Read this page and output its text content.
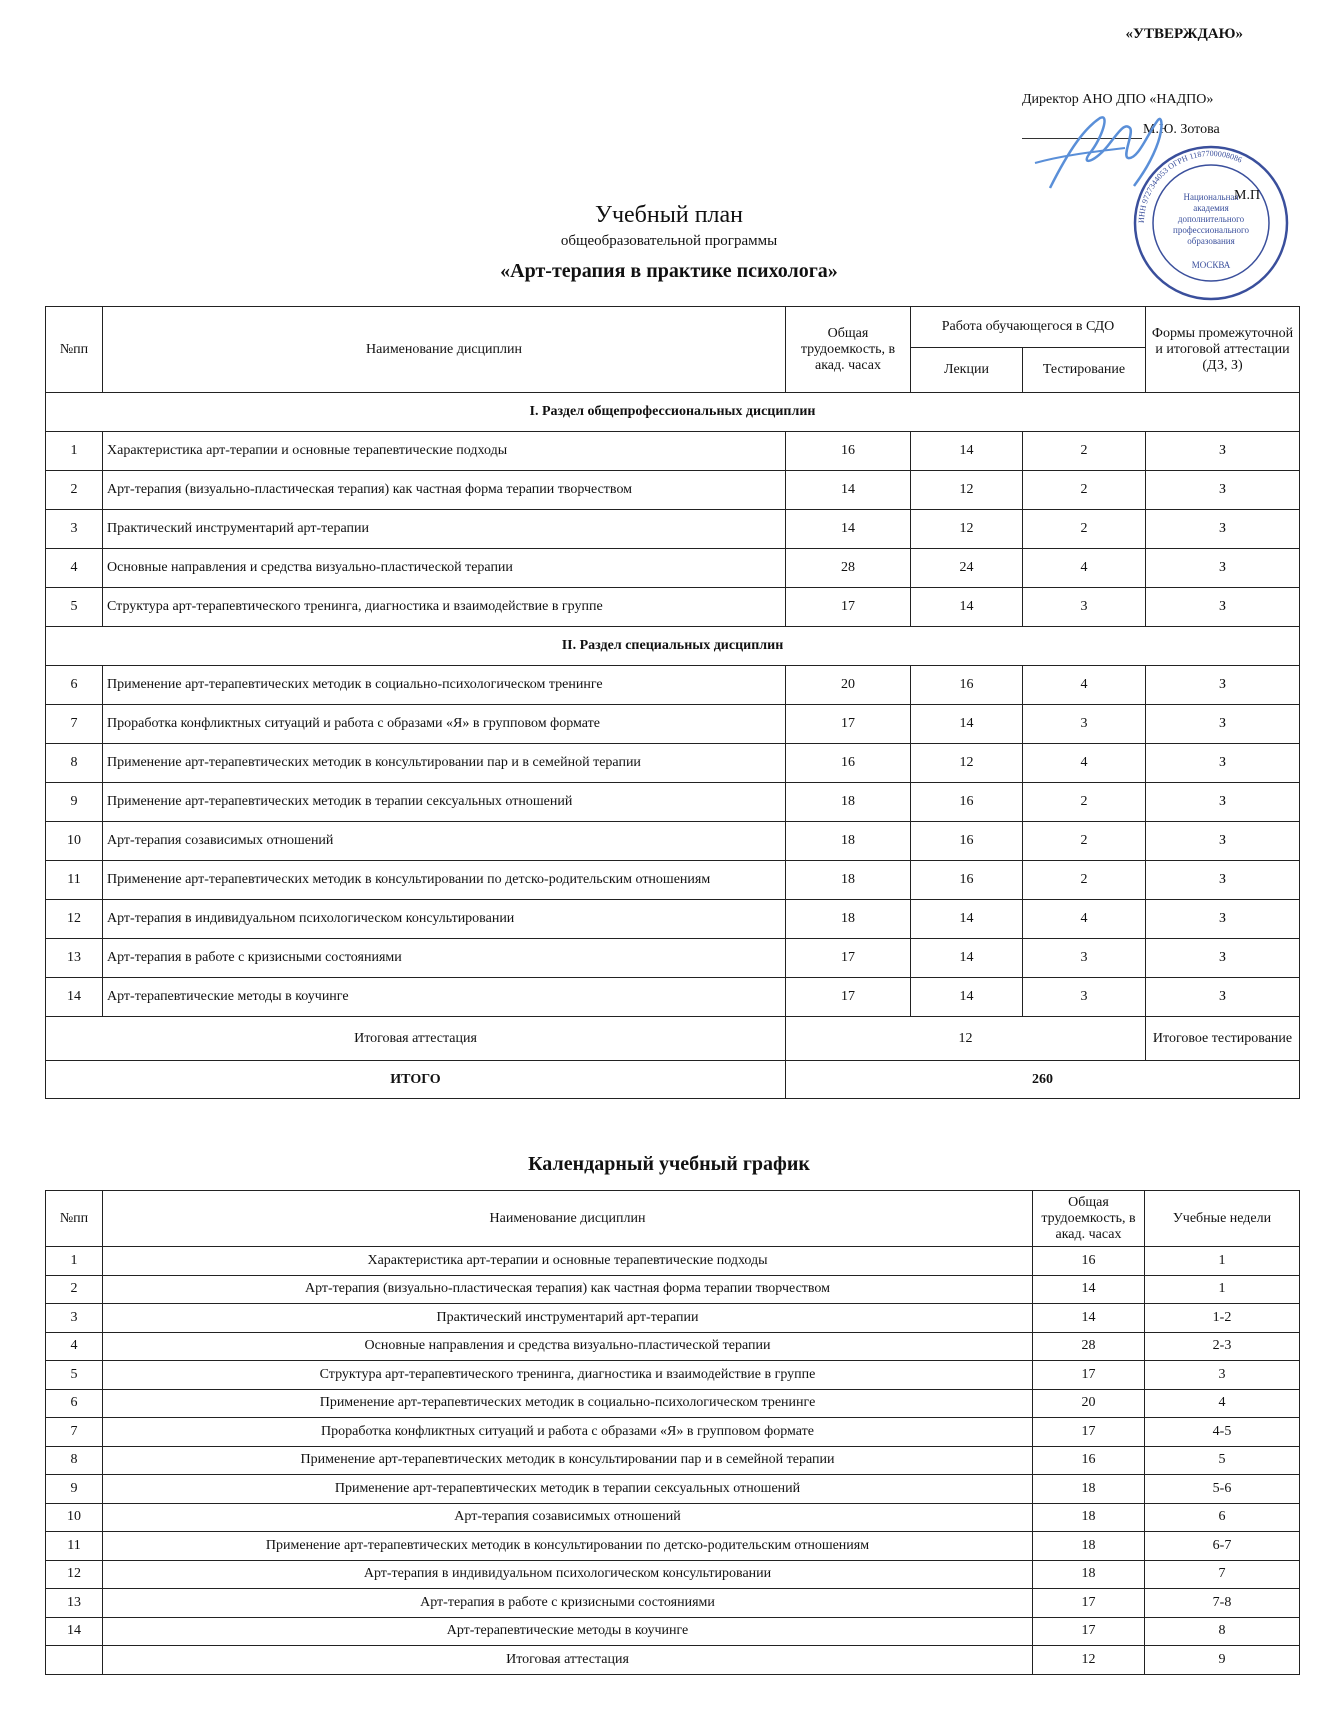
«УТВЕРЖДАЮ»
Директор АНО ДПО «НАДПО»
М.Ю. Зотова
ИНН 9727344053 ОГРН 1187700008086
Национальная
академия
дополнительного
профессионального
образования
МОСКВА
М.П
Учебный план
общеобразовательной программы
«Арт-терапия в практике психолога»
№пп	Наименование дисциплин	Общая трудоемкость, в акад. часах	Работа обучающегося в СДО		Формы промежуточной и итоговой аттестации (ДЗ, З)
			Лекции	Тестирование	
I. Раздел общепрофессиональных дисциплин					
1	Характеристика арт-терапии и основные терапевтические подходы	16	14	2	З
2	Арт-терапия (визуально-пластическая терапия) как частная форма терапии творчеством	14	12	2	З
3	Практический инструментарий арт-терапии	14	12	2	З
4	Основные направления и средства визуально-пластической терапии	28	24	4	З
5	Структура арт-терапевтического тренинга, диагностика и взаимодействие в группе	17	14	3	З
II. Раздел специальных дисциплин					
6	Применение арт-терапевтических методик в социально-психологическом тренинге	20	16	4	З
7	Проработка конфликтных ситуаций и работа с образами «Я» в групповом формате	17	14	3	З
8	Применение арт-терапевтических методик в консультировании пар и в семейной терапии	16	12	4	З
9	Применение арт-терапевтических методик в терапии сексуальных отношений	18	16	2	З
10	Арт-терапия созависимых отношений	18	16	2	З
11	Применение арт-терапевтических методик в консультировании по детско-родительским отношениям	18	16	2	З
12	Арт-терапия в индивидуальном психологическом консультировании	18	14	4	З
13	Арт-терапия в работе с кризисными состояниями	17	14	3	З
14	Арт-терапевтические методы в коучинге	17	14	3	З
Итоговая аттестация		12			Итоговое тестирование
ИТОГО		260			
Календарный учебный график
№пп	Наименование дисциплин	Общая трудоемкость, в акад. часах	Учебные недели
1	Характеристика арт-терапии и основные терапевтические подходы	16	1
2	Арт-терапия (визуально-пластическая терапия) как частная форма терапии творчеством	14	1
3	Практический инструментарий арт-терапии	14	1-2
4	Основные направления и средства визуально-пластической терапии	28	2-3
5	Структура арт-терапевтического тренинга, диагностика и взаимодействие в группе	17	3
6	Применение арт-терапевтических методик в социально-психологическом тренинге	20	4
7	Проработка конфликтных ситуаций и работа с образами «Я» в групповом формате	17	4-5
8	Применение арт-терапевтических методик в консультировании пар и в семейной терапии	16	5
9	Применение арт-терапевтических методик в терапии сексуальных отношений	18	5-6
10	Арт-терапия созависимых отношений	18	6
11	Применение арт-терапевтических методик в консультировании по детско-родительским отношениям	18	6-7
12	Арт-терапия в индивидуальном психологическом консультировании	18	7
13	Арт-терапия в работе с кризисными состояниями	17	7-8
14	Арт-терапевтические методы в коучинге	17	8
	Итоговая аттестация	12	9
